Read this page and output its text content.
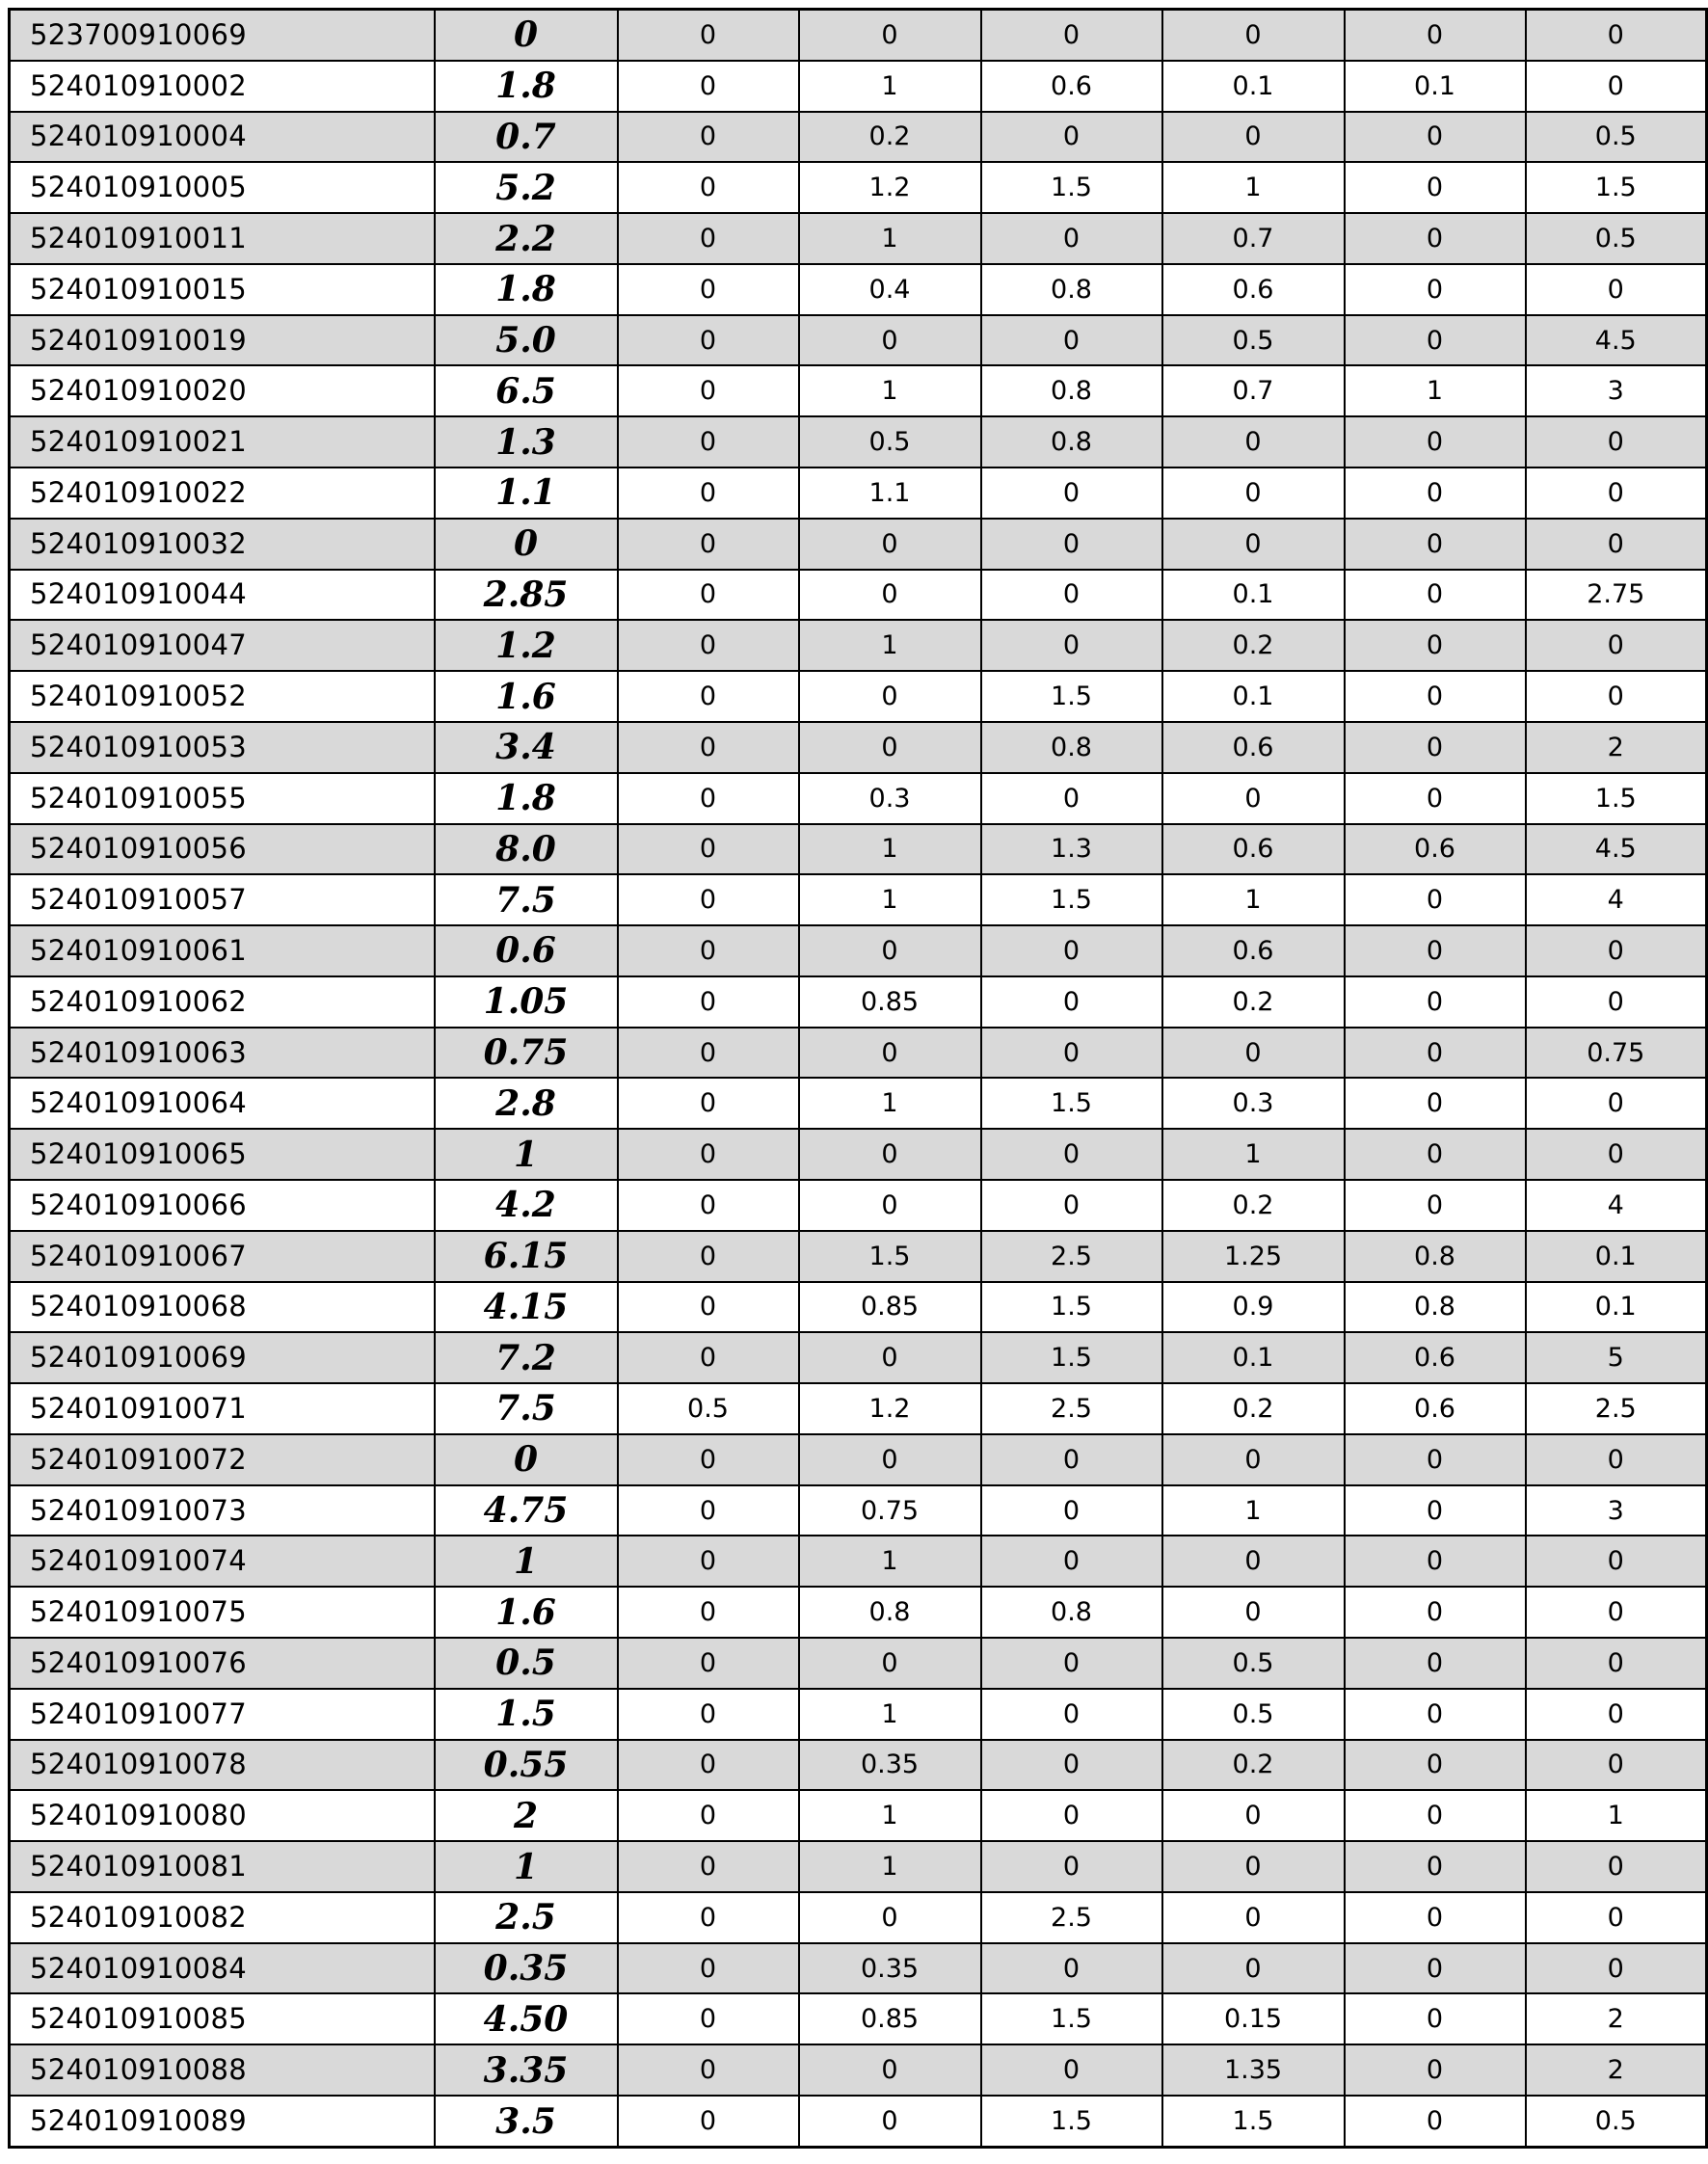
523700910069	0	0	0	0	0	0	0
524010910002	1.8	0	1	0.6	0.1	0.1	0
524010910004	0.7	0	0.2	0	0	0	0.5
524010910005	5.2	0	1.2	1.5	1	0	1.5
524010910011	2.2	0	1	0	0.7	0	0.5
524010910015	1.8	0	0.4	0.8	0.6	0	0
524010910019	5.0	0	0	0	0.5	0	4.5
524010910020	6.5	0	1	0.8	0.7	1	3
524010910021	1.3	0	0.5	0.8	0	0	0
524010910022	1.1	0	1.1	0	0	0	0
524010910032	0	0	0	0	0	0	0
524010910044	2.85	0	0	0	0.1	0	2.75
524010910047	1.2	0	1	0	0.2	0	0
524010910052	1.6	0	0	1.5	0.1	0	0
524010910053	3.4	0	0	0.8	0.6	0	2
524010910055	1.8	0	0.3	0	0	0	1.5
524010910056	8.0	0	1	1.3	0.6	0.6	4.5
524010910057	7.5	0	1	1.5	1	0	4
524010910061	0.6	0	0	0	0.6	0	0
524010910062	1.05	0	0.85	0	0.2	0	0
524010910063	0.75	0	0	0	0	0	0.75
524010910064	2.8	0	1	1.5	0.3	0	0
524010910065	1	0	0	0	1	0	0
524010910066	4.2	0	0	0	0.2	0	4
524010910067	6.15	0	1.5	2.5	1.25	0.8	0.1
524010910068	4.15	0	0.85	1.5	0.9	0.8	0.1
524010910069	7.2	0	0	1.5	0.1	0.6	5
524010910071	7.5	0.5	1.2	2.5	0.2	0.6	2.5
524010910072	0	0	0	0	0	0	0
524010910073	4.75	0	0.75	0	1	0	3
524010910074	1	0	1	0	0	0	0
524010910075	1.6	0	0.8	0.8	0	0	0
524010910076	0.5	0	0	0	0.5	0	0
524010910077	1.5	0	1	0	0.5	0	0
524010910078	0.55	0	0.35	0	0.2	0	0
524010910080	2	0	1	0	0	0	1
524010910081	1	0	1	0	0	0	0
524010910082	2.5	0	0	2.5	0	0	0
524010910084	0.35	0	0.35	0	0	0	0
524010910085	4.50	0	0.85	1.5	0.15	0	2
524010910088	3.35	0	0	0	1.35	0	2
524010910089	3.5	0	0	1.5	1.5	0	0.5
